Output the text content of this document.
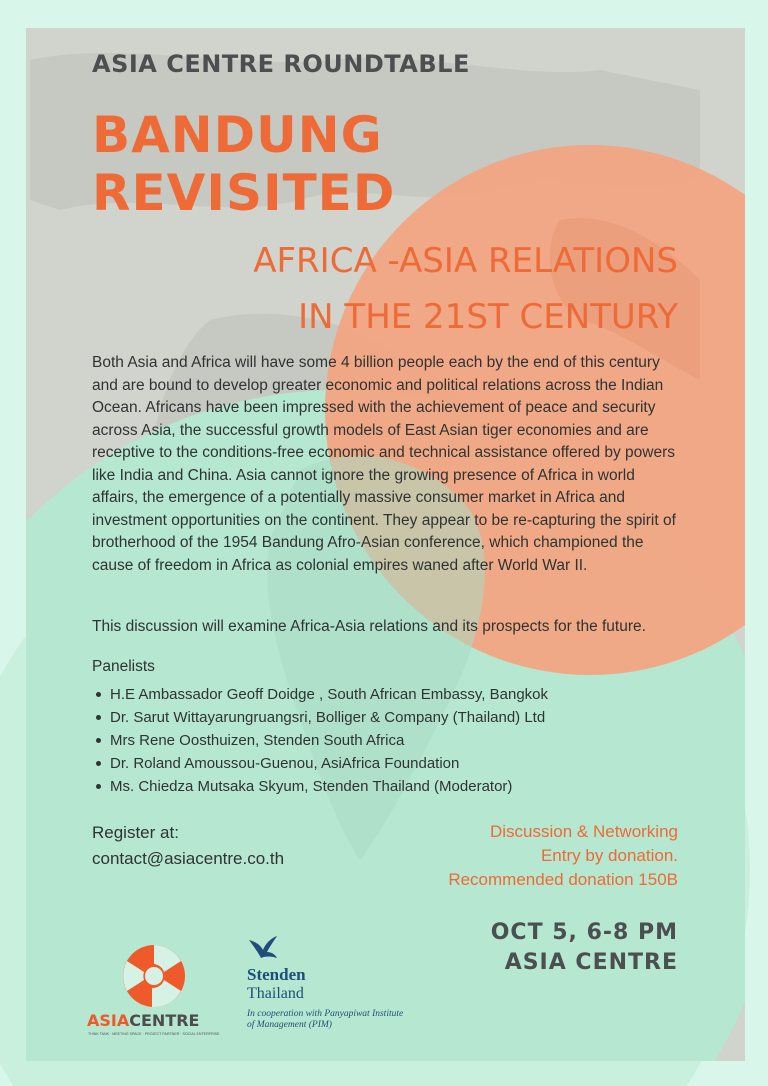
ASIA CENTRE ROUNDTABLE
BANDUNG
REVISITED
AFRICA -ASIA RELATIONS
IN THE 21ST CENTURY
Both Asia and Africa will have some 4 billion people each by the end of this century and are bound to develop greater economic and political relations across the Indian Ocean. Africans have been impressed with the achievement of peace and security across Asia, the successful growth models of East Asian tiger economies and are receptive to the conditions-free economic and technical assistance offered by powers like India and China. Asia cannot ignore the growing presence of Africa in world affairs, the emergence of a potentially massive consumer market in Africa and investment opportunities on the continent. They appear to be re-capturing the spirit of brotherhood of the 1954 Bandung Afro-Asian conference, which championed the cause of freedom in Africa as colonial empires waned after World War II.
This discussion will examine Africa-Asia relations and its prospects for the future.
Panelists
H.E Ambassador Geoff Doidge , South African Embassy, Bangkok
Dr. Sarut Wittayarungruangsri, Bolliger & Company (Thailand) Ltd
Mrs Rene Oosthuizen, Stenden South Africa
Dr. Roland Amoussou-Guenou, AsiAfrica Foundation
Ms. Chiedza Mutsaka Skyum, Stenden Thailand (Moderator)
Register at:
contact@asiacentre.co.th
Discussion & Networking
Entry by donation.
Recommended donation 150B
OCT 5, 6-8 PM
ASIA CENTRE
ASIACENTRE
THINK TANK · MEETING SPACE · PROJECT PARTNER · SOCIAL ENTERPRISE
Stenden
Thailand
In cooperation with Panyapiwat Institute of Management (PIM)
